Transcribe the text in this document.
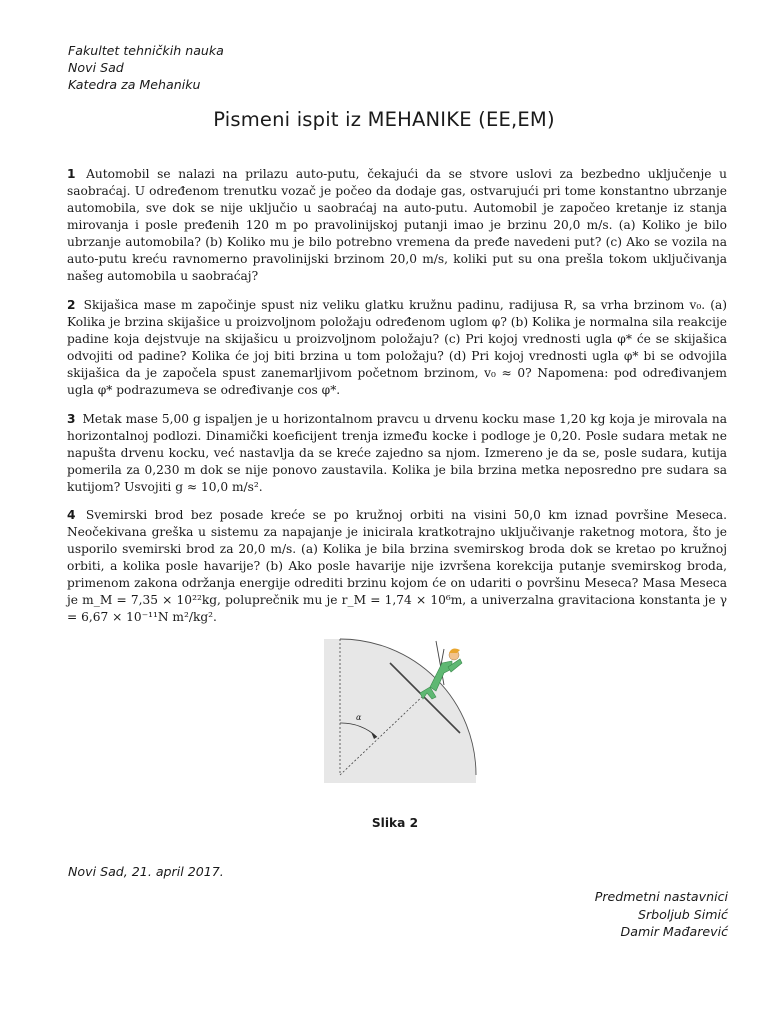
Fakultet tehničkih nauka
Novi Sad
Katedra za Mehaniku
Pismeni ispit iz MEHANIKE (EE,EM)
1 Automobil se nalazi na prilazu auto-putu, čekajući da se stvore uslovi za bezbedno uključenje u saobraćaj. U određenom trenutku vozač je počeo da dodaje gas, ostvarujući pri tome konstantno ubrzanje automobila, sve dok se nije uključio u saobraćaj na auto-putu. Automobil je započeo kretanje iz stanja mirovanja i posle pređenih 120 m po pravolinijskoj putanji imao je brzinu 20,0 m/s. (a) Koliko je bilo ubrzanje automobila? (b) Koliko mu je bilo potrebno vremena da pređe navedeni put? (c) Ako se vozila na auto-putu kreću ravnomerno pravolinijski brzinom 20,0 m/s, koliki put su ona prešla tokom uključivanja našeg automobila u saobraćaj?
2 Skijašica mase m započinje spust niz veliku glatku kružnu padinu, radijusa R, sa vrha brzinom v₀. (a) Kolika je brzina skijašice u proizvoljnom položaju određenom uglom φ? (b) Kolika je normalna sila reakcije padine koja dejstvuje na skijašicu u proizvoljnom položaju? (c) Pri kojoj vrednosti ugla φ* će se skijašica odvojiti od padine? Kolika će joj biti brzina u tom položaju? (d) Pri kojoj vrednosti ugla φ* bi se odvojila skijašica da je započela spust zanemarljivom početnom brzinom, v₀ ≈ 0? Napomena: pod određivanjem ugla φ* podrazumeva se određivanje cos φ*.
3 Metak mase 5,00 g ispaljen je u horizontalnom pravcu u drvenu kocku mase 1,20 kg koja je mirovala na horizontalnoj podlozi. Dinamički koeficijent trenja između kocke i podloge je 0,20. Posle sudara metak ne napušta drvenu kocku, već nastavlja da se kreće zajedno sa njom. Izmereno je da se, posle sudara, kutija pomerila za 0,230 m dok se nije ponovo zaustavila. Kolika je bila brzina metka neposredno pre sudara sa kutijom? Usvojiti g ≈ 10,0 m/s².
4 Svemirski brod bez posade kreće se po kružnoj orbiti na visini 50,0 km iznad površine Meseca. Neočekivana greška u sistemu za napajanje je inicirala kratkotrajno uključivanje raketnog motora, što je usporilo svemirski brod za 20,0 m/s. (a) Kolika je bila brzina svemirskog broda dok se kretao po kružnoj orbiti, a kolika posle havarije? (b) Ako posle havarije nije izvršena korekcija putanje svemirskog broda, primenom zakona održanja energije odrediti brzinu kojom će on udariti o površinu Meseca? Masa Meseca je m_M = 7,35 × 10²²kg, poluprečnik mu je r_M = 1,74 × 10⁶m, a univerzalna gravitaciona konstanta je γ = 6,67 × 10⁻¹¹N m²/kg².
α
Slika 2
Novi Sad, 21. april 2017.
Predmetni nastavnici
Srboljub Simić
Damir Mađarević
